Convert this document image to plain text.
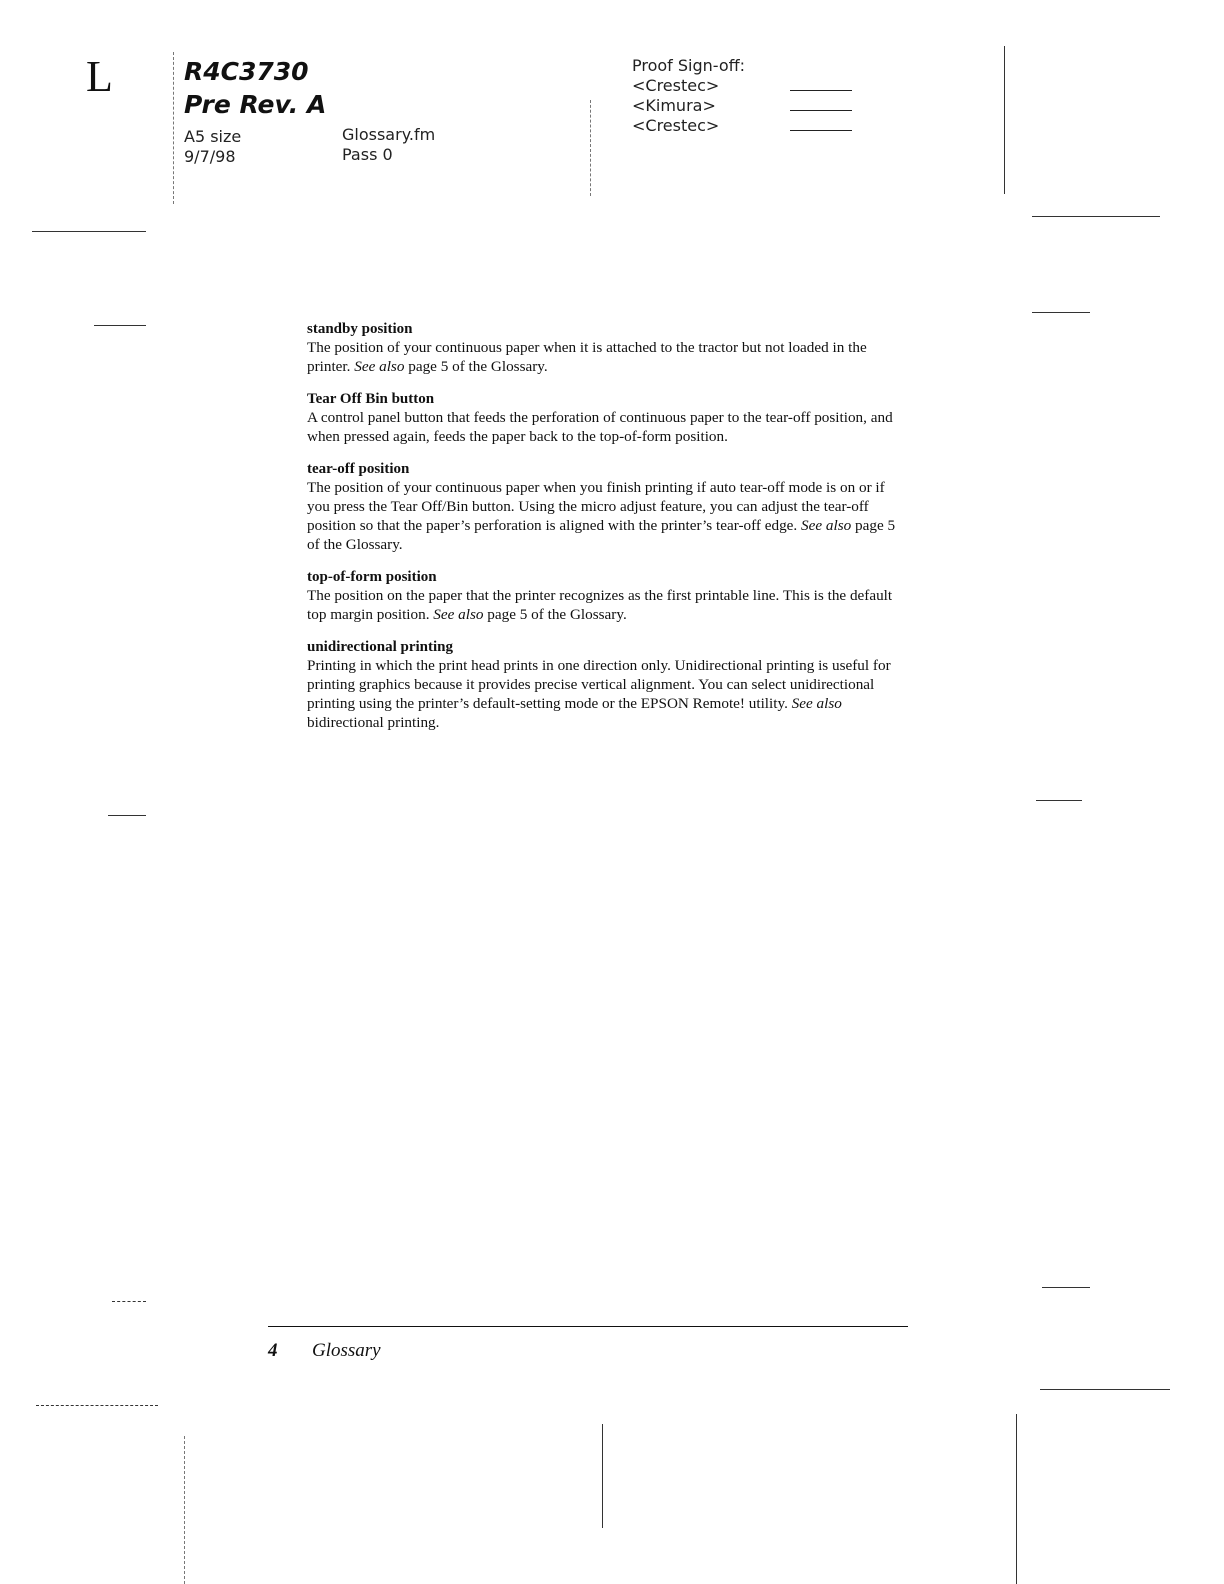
L	R4C3730
Pre Rev. A
A5 size
9/7/98
Glossary.fm
Pass 0
Proof Sign-off:
<Crestec>
<Kimura>
<Crestec>
standby position

The position of your continuous paper when it is attached to the tractor but not loaded in the printer. See also page 5 of the Glossary.

Tear Off Bin button

A control panel button that feeds the perforation of continuous paper to the tear-off position, and when pressed again, feeds the paper back to the top-of-form position.

tear-off position

The position of your continuous paper when you finish printing if auto tear-off mode is on or if you press the Tear Off/Bin button. Using the micro adjust feature, you can adjust the tear-off position so that the paper’s perforation is aligned with the printer’s tear-off edge. See also page 5 of the Glossary.

top-of-form position

The position on the paper that the printer recognizes as the first printable line. This is the default top margin position. See also page 5 of the Glossary.

unidirectional printing

Printing in which the print head prints in one direction only. Unidirectional printing is useful for printing graphics because it provides precise vertical alignment. You can select unidirectional printing using the printer’s default-setting mode or the EPSON Remote! utility. See also bidirectional printing.

4 Glossary
